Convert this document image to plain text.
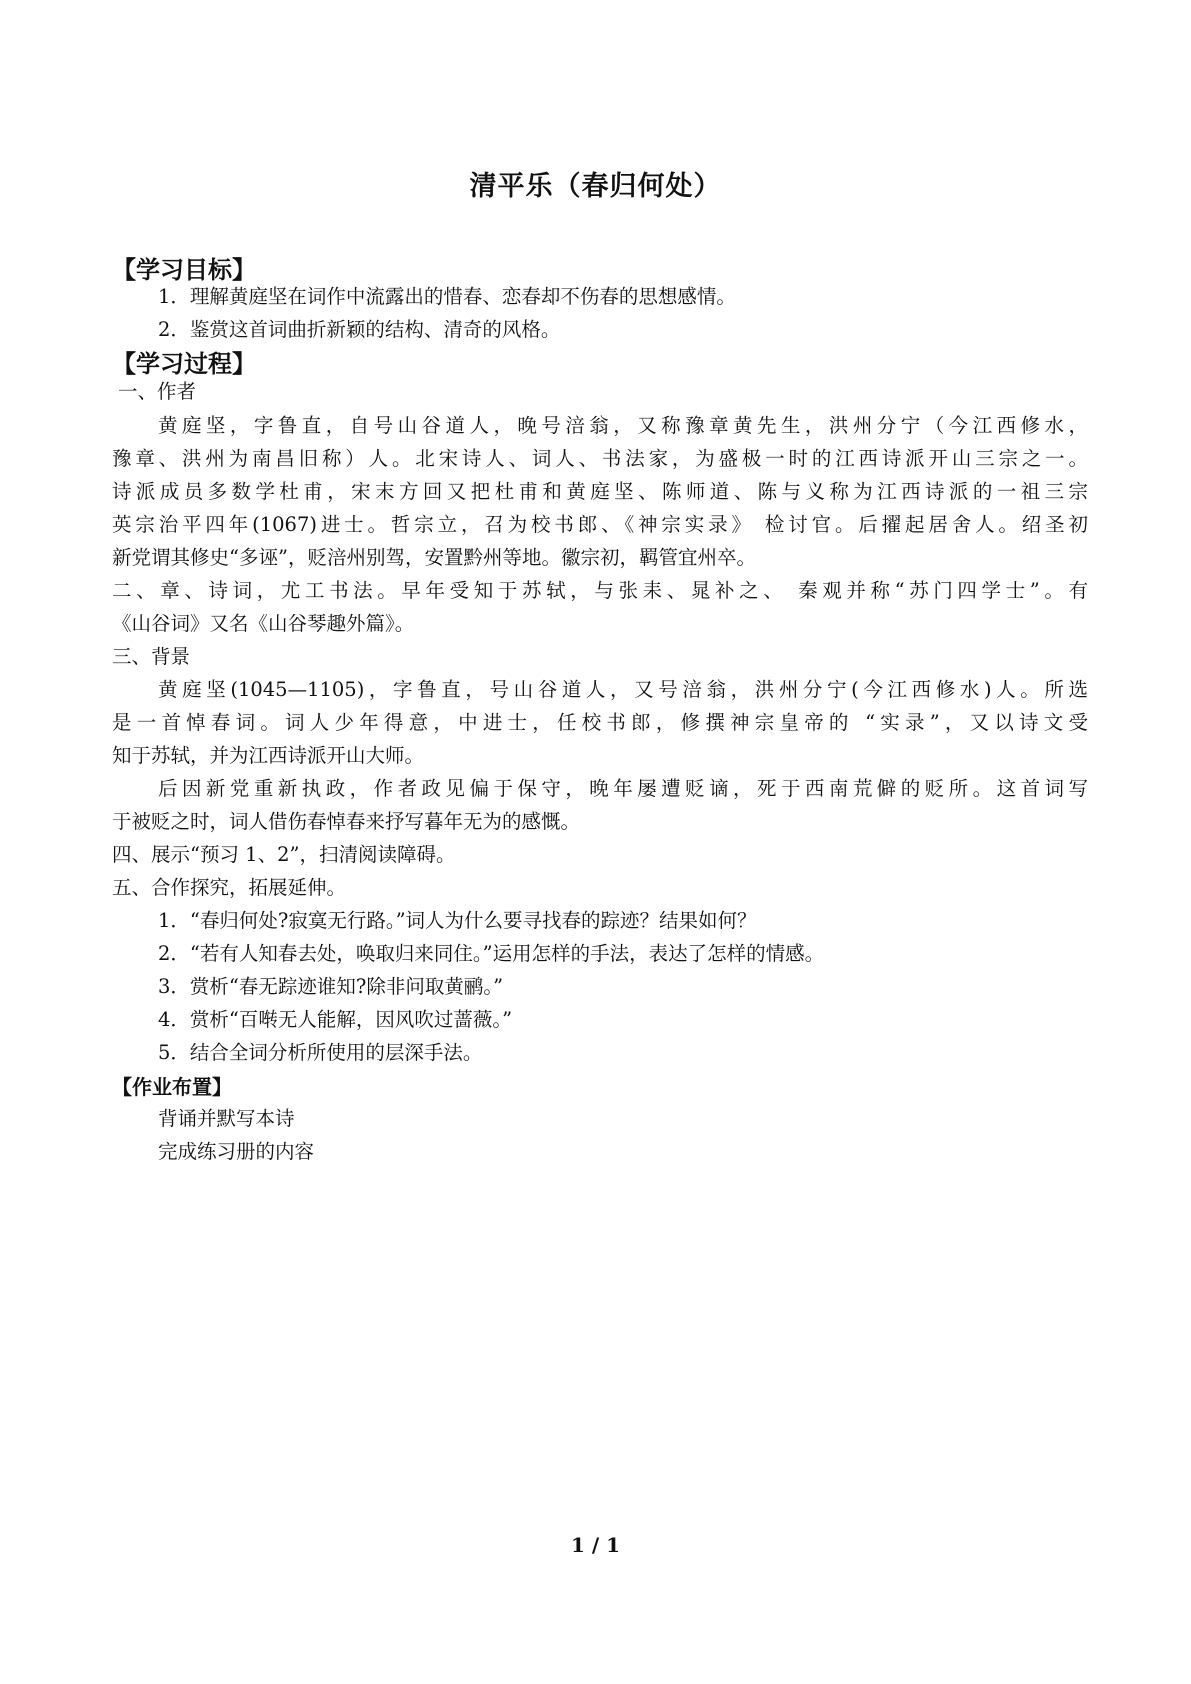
清平乐（春归何处）
【学习目标】
1．理解黄庭坚在词作中流露出的惜春、恋春却不伤春的思想感情。
2．鉴赏这首词曲折新颖的结构、清奇的风格。
【学习过程】
一、作者
黄庭坚，字鲁直，自号山谷道人，晚号涪翁，又称豫章黄先生，洪州分宁（今江西修水，
豫章、洪州为南昌旧称）人。北宋诗人、词人、书法家，为盛极一时的江西诗派开山三宗之一。
诗派成员多数学杜甫，宋末方回又把杜甫和黄庭坚、陈师道、陈与义称为江西诗派的一祖三宗
英宗治平四年(1067)进士。哲宗立，召为校书郎、《神宗实录》 检讨官。后擢起居舍人。绍圣初
新党谓其修史“多诬”，贬涪州别驾，安置黔州等地。徽宗初，羁管宜州卒。
二、章、诗词，尤工书法。早年受知于苏轼，与张耒、晁补之、 秦观并称“苏门四学士”。有
《山谷词》又名《山谷琴趣外篇》。
三、背景
黄庭坚(1045—1105)，字鲁直，号山谷道人，又号涪翁，洪州分宁(今江西修水)人。所选
是一首悼春词。词人少年得意，中进士，任校书郎，修撰神宗皇帝的 “实录”，又以诗文受
知于苏轼，并为江西诗派开山大师。
后因新党重新执政，作者政见偏于保守，晚年屡遭贬谪，死于西南荒僻的贬所。这首词写
于被贬之时，词人借伤春悼春来抒写暮年无为的感慨。
四、展示“预习 1、2”，扫清阅读障碍。
五、合作探究，拓展延伸。
1．“春归何处?寂寞无行路。”词人为什么要寻找春的踪迹？结果如何？
2．“若有人知春去处，唤取归来同住。”运用怎样的手法，表达了怎样的情感。
3．赏析“春无踪迹谁知?除非问取黄鹂。”
4．赏析“百啭无人能解，因风吹过蔷薇。”
5．结合全词分析所使用的层深手法。
【作业布置】
背诵并默写本诗
完成练习册的内容
1 / 1
